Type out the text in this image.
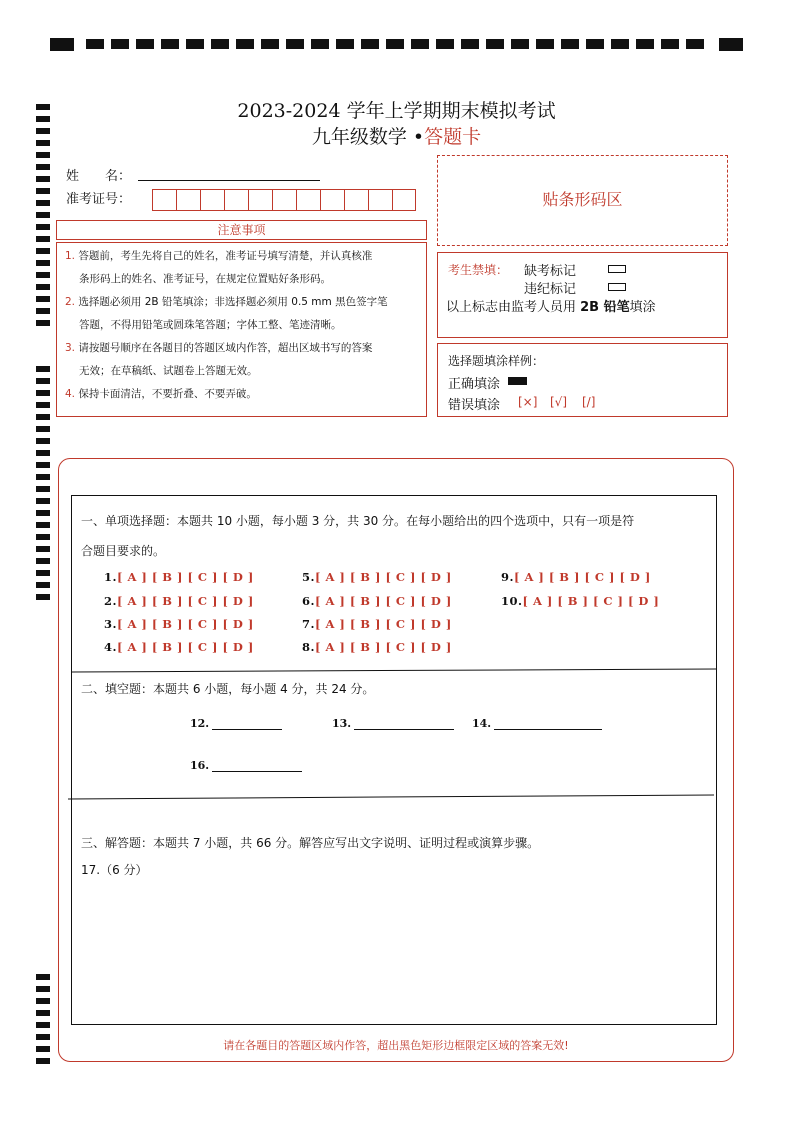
2023-2024 学年上学期期末模拟考试
九年级数学 •答题卡
姓　　名：
准考证号：	贴条形码区
注意事项
1. 答题前，考生先将自己的姓名，准考证号填写清楚，并认真核准
条形码上的姓名、准考证号，在规定位置贴好条形码。
2. 选择题必须用 2B 铅笔填涂；非选择题必须用 0.5 mm 黑色签字笔
答题，不得用铅笔或圆珠笔答题；字体工整、笔迹清晰。
3. 请按题号顺序在各题目的答题区域内作答，超出区域书写的答案
无效；在草稿纸、试题卷上答题无效。
4. 保持卡面清洁，不要折叠、不要弄破。
考生禁填： 缺考标记
违纪标记
以上标志由监考人员用 2B 铅笔填涂
选择题填涂样例：
正确填涂
错误填涂 [×] [√] [/]
一、单项选择题：本题共 10 小题，每小题 3 分，共 30 分。在每小题给出的四个选项中，只有一项是符
合题目要求的。
1.[ A ] [ B ] [ C ] [ D ]
2.[ A ] [ B ] [ C ] [ D ]
3.[ A ] [ B ] [ C ] [ D ]
4.[ A ] [ B ] [ C ] [ D ]
5.[ A ] [ B ] [ C ] [ D ]
6.[ A ] [ B ] [ C ] [ D ]
7.[ A ] [ B ] [ C ] [ D ]
8.[ A ] [ B ] [ C ] [ D ]
9.[ A ] [ B ] [ C ] [ D ]
10.[ A ] [ B ] [ C ] [ D ]
二、填空题：本题共 6 小题，每小题 4 分，共 24 分。
12.	13.	14.
16.
三、解答题：本题共 7 小题，共 66 分。解答应写出文字说明、证明过程或演算步骤。
17.（6 分）
请在各题目的答题区域内作答，超出黑色矩形边框限定区域的答案无效!
